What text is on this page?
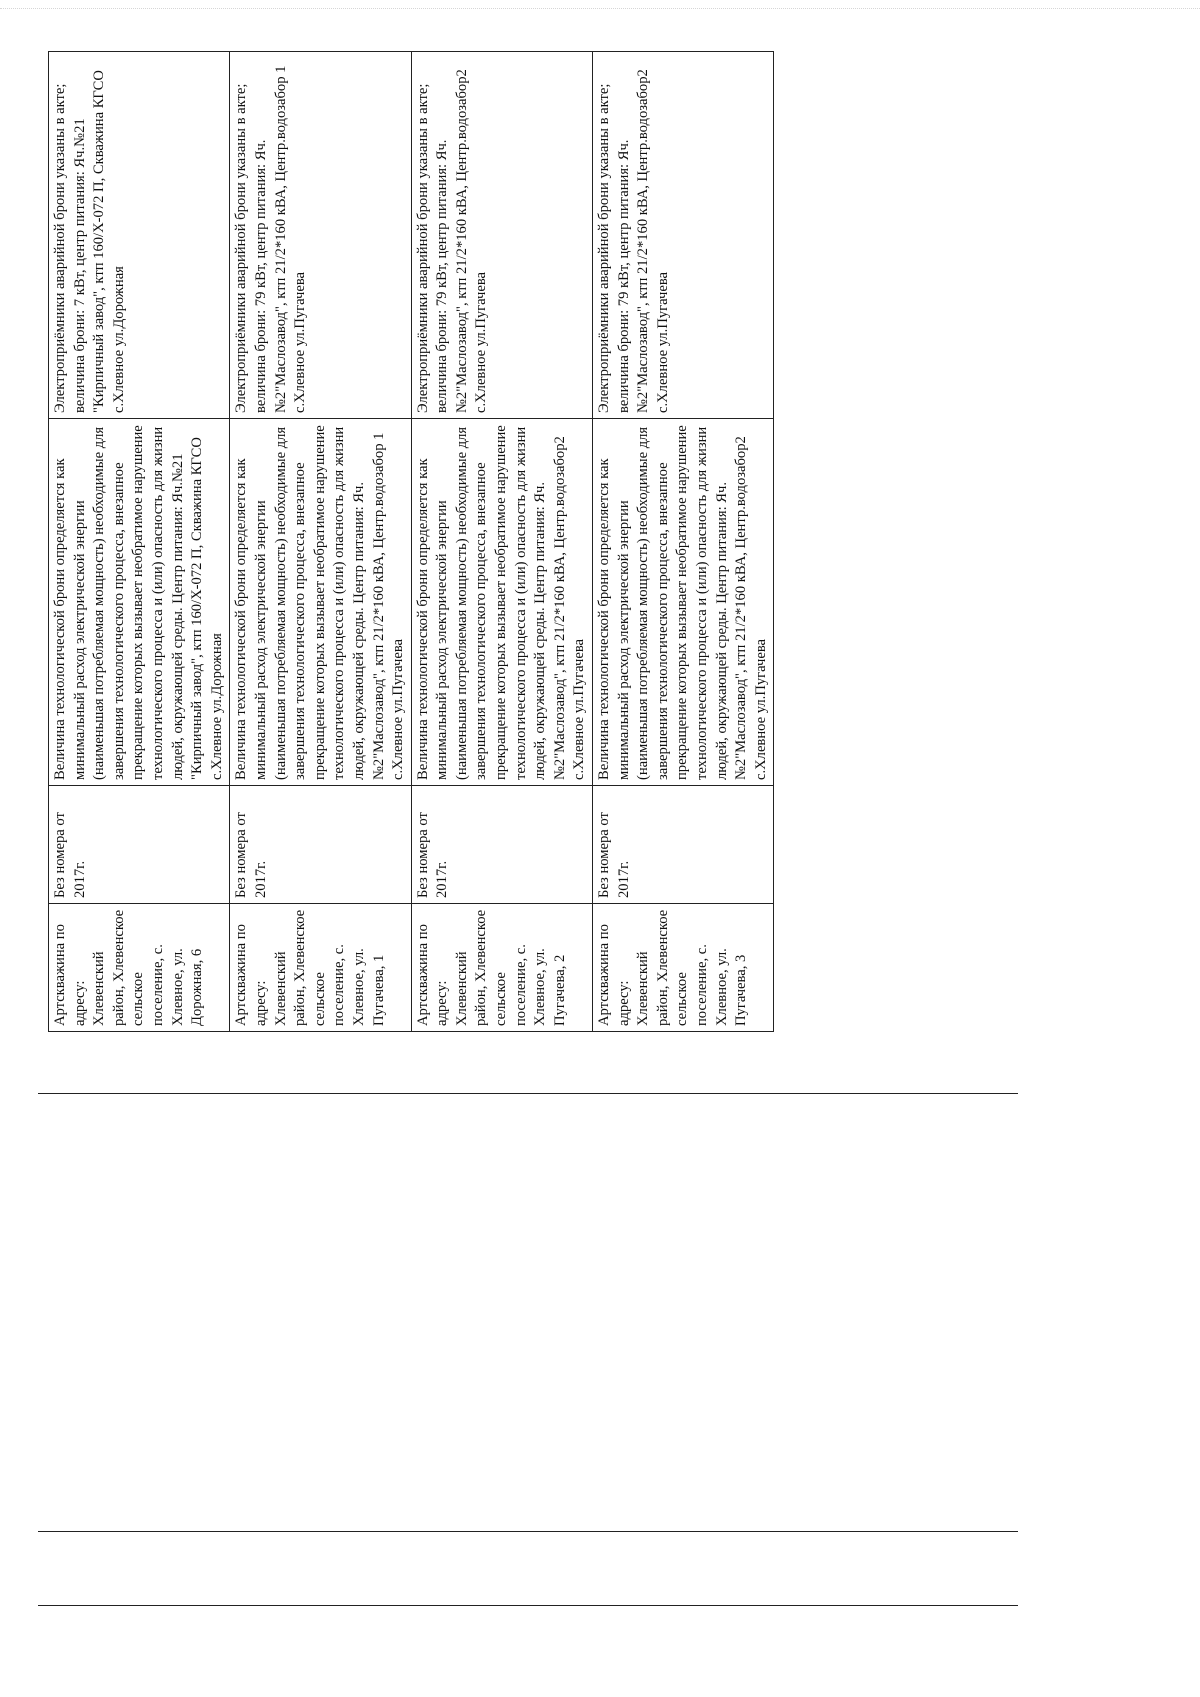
Артскважина по адресу: Хлевенский район, Хлевенское сельское поселение, с. Хлевное, ул. Дорожная, 6	Без номера от 2017г.	Величина технологической брони определяется как минимальный расход электрической энергии (наименьшая потребляемая мощность) необходимые для завершения технологического процесса, внезапное прекращение которых вызывает необратимое нарушение технологического процесса и (или) опасность для жизни людей, окружающей среды. Центр питания: Яч.№21 "Кирпичный завод", ктп 160/Х-072 П, Скважина КГСО с.Хлевное ул.Дорожная	Электроприёмники аварийной брони указаны в акте; величина брони: 7 кВт, центр питания: Яч.№21 "Кирпичный завод", ктп 160/Х-072 П, Скважина КГСО с.Хлевное ул.Дорожная
Артскважина по адресу: Хлевенский район, Хлевенское сельское поселение, с. Хлевное, ул. Пугачева, 1	Без номера от 2017г.	Величина технологической брони определяется как минимальный расход электрической энергии (наименьшая потребляемая мощность) необходимые для завершения технологического процесса, внезапное прекращение которых вызывает необратимое нарушение технологического процесса и (или) опасность для жизни людей, окружающей среды. Центр питания: Яч. №2"Маслозавод", ктп 21/2*160 кВА, Центр.водозабор 1 с.Хлевное ул.Пугачева	Электроприёмники аварийной брони указаны в акте; величина брони: 79 кВт, центр питания: Яч. №2"Маслозавод", ктп 21/2*160 кВА, Центр.водозабор 1 с.Хлевное ул.Пугачева
Артскважина по адресу: Хлевенский район, Хлевенское сельское поселение, с. Хлевное, ул. Пугачева, 2	Без номера от 2017г.	Величина технологической брони определяется как минимальный расход электрической энергии (наименьшая потребляемая мощность) необходимые для завершения технологического процесса, внезапное прекращение которых вызывает необратимое нарушение технологического процесса и (или) опасность для жизни людей, окружающей среды. Центр питания: Яч. №2"Маслозавод", ктп 21/2*160 кВА, Центр.водозабор2 с.Хлевное ул.Пугачева	Электроприёмники аварийной брони указаны в акте; величина брони: 79 кВт, центр питания: Яч. №2"Маслозавод", ктп 21/2*160 кВА, Центр.водозабор2 с.Хлевное ул.Пугачева
Артскважина по адресу: Хлевенский район, Хлевенское сельское поселение, с. Хлевное, ул. Пугачева, 3	Без номера от 2017г.	Величина технологической брони определяется как минимальный расход электрической энергии (наименьшая потребляемая мощность) необходимые для завершения технологического процесса, внезапное прекращение которых вызывает необратимое нарушение технологического процесса и (или) опасность для жизни людей, окружающей среды. Центр питания: Яч. №2"Маслозавод", ктп 21/2*160 кВА, Центр.водозабор2 с.Хлевное ул.Пугачева	Электроприёмники аварийной брони указаны в акте; величина брони: 79 кВт, центр питания: Яч. №2"Маслозавод", ктп 21/2*160 кВА, Центр.водозабор2 с.Хлевное ул.Пугачева
